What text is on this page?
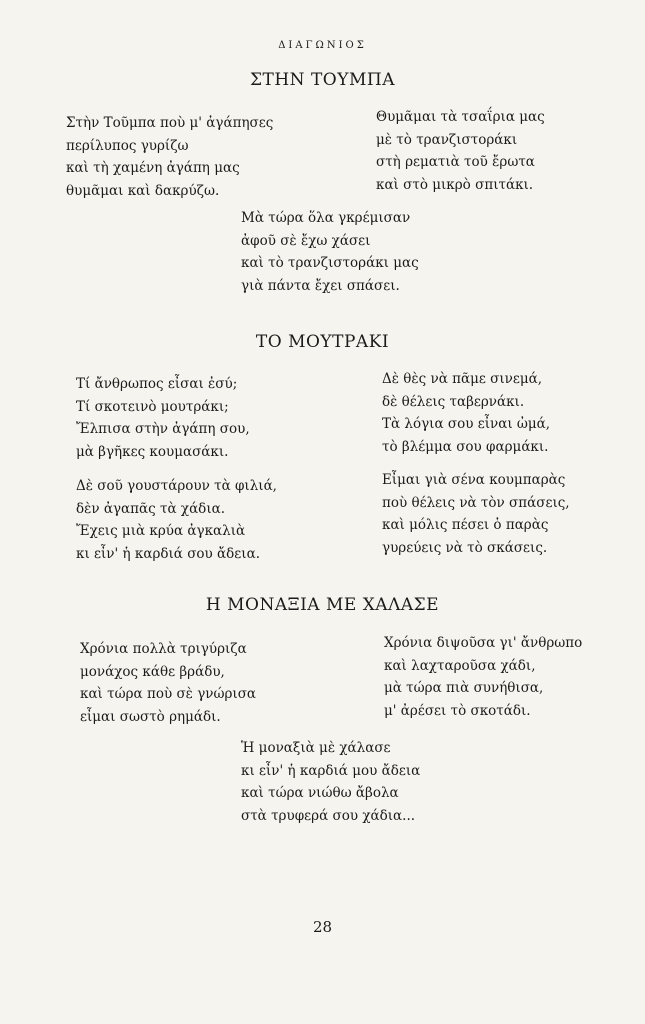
ΔΙΑΓΩΝΙΟΣ
ΣΤΗΝ ΤΟΥΜΠΑ
Στὴν Τοῦμπα ποὺ μ' ἀγάπησες
περίλυπος γυρίζω
καὶ τὴ χαμένη ἀγάπη μας
θυμᾶμαι καὶ δακρύζω.
Θυμᾶμαι τὰ τσαΐρια μας
μὲ τὸ τρανζιστοράκι
στὴ ρεματιὰ τοῦ ἔρωτα
καὶ στὸ μικρὸ σπιτάκι.
Μὰ τώρα ὅλα γκρέμισαν
ἀφοῦ σὲ ἔχω χάσει
καὶ τὸ τρανζιστοράκι μας
γιὰ πάντα ἔχει σπάσει.
ΤΟ ΜΟΥΤΡΑΚΙ
Τί ἄνθρωπος εἶσαι ἐσύ;
Τί σκοτεινὸ μουτράκι;
Ἔλπισα στὴν ἀγάπη σου,
μὰ βγῆκες κουμασάκι.
Δὲ θὲς νὰ πᾶμε σινεμά,
δὲ θέλεις ταβερνάκι.
Τὰ λόγια σου εἶναι ὠμά,
τὸ βλέμμα σου φαρμάκι.
Δὲ σοῦ γουστάρουν τὰ φιλιά,
δὲν ἀγαπᾶς τὰ χάδια.
Ἔχεις μιὰ κρύα ἀγκαλιὰ
κι εἶν' ἡ καρδιά σου ἄδεια.
Εἶμαι γιὰ σένα κουμπαρὰς
ποὺ θέλεις νὰ τὸν σπάσεις,
καὶ μόλις πέσει ὁ παρὰς
γυρεύεις νὰ τὸ σκάσεις.
Η ΜΟΝΑΞΙΑ ΜΕ ΧΑΛΑΣΕ
Χρόνια πολλὰ τριγύριζα
μονάχος κάθε βράδυ,
καὶ τώρα ποὺ σὲ γνώρισα
εἶμαι σωστὸ ρημάδι.
Χρόνια διψοῦσα γι' ἄνθρωπο
καὶ λαχταροῦσα χάδι,
μὰ τώρα πιὰ συνήθισα,
μ' ἀρέσει τὸ σκοτάδι.
Ἡ μοναξιὰ μὲ χάλασε
κι εἶν' ἡ καρδιά μου ἄδεια
καὶ τώρα νιώθω ἄβολα
στὰ τρυφερά σου χάδια...
28
